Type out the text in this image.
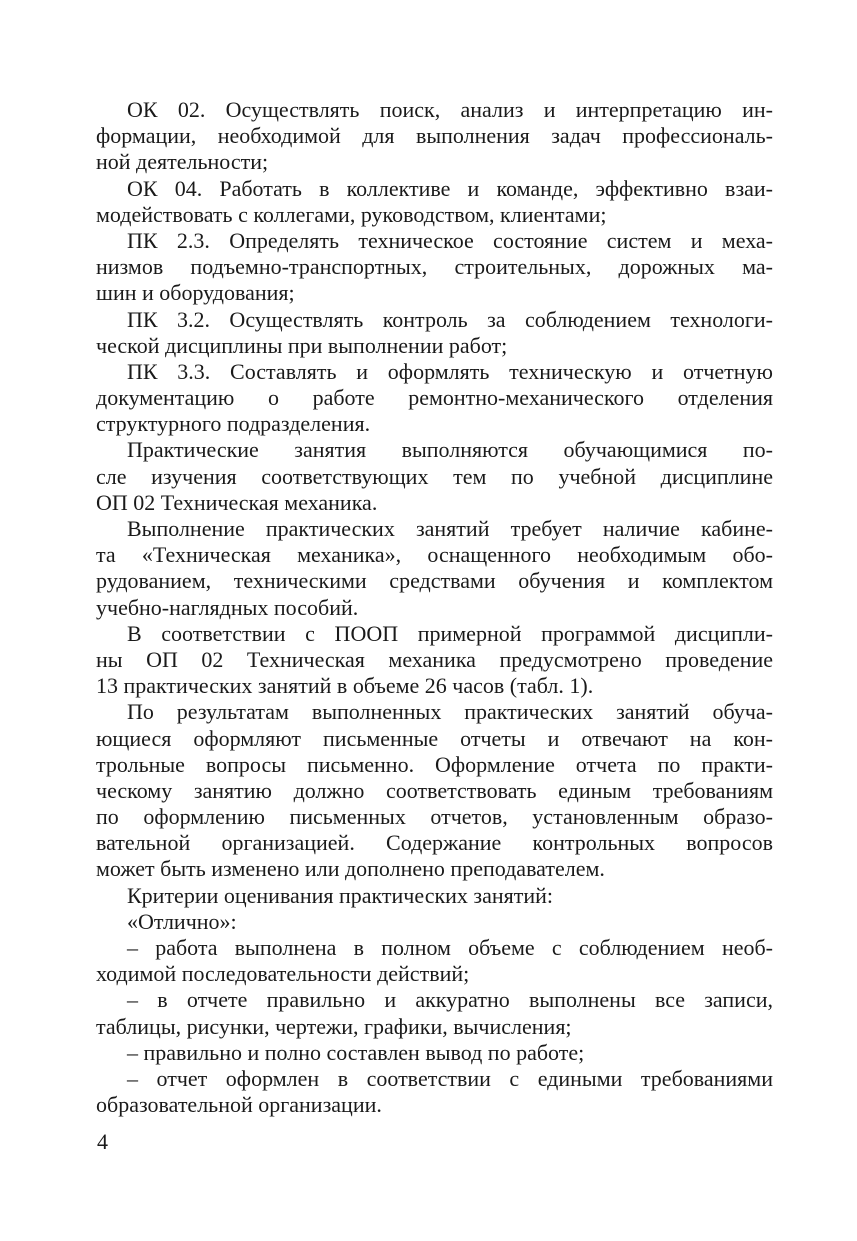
ОК 02. Осуществлять поиск, анализ и интерпретацию ин-
формации, необходимой для выполнения задач профессиональ-
ной деятельности;
ОК 04. Работать в коллективе и команде, эффективно взаи-
модействовать с коллегами, руководством, клиентами;
ПК 2.3. Определять техническое состояние систем и меха-
низмов подъемно-транспортных, строительных, дорожных ма-
шин и оборудования;
ПК 3.2. Осуществлять контроль за соблюдением технологи-
ческой дисциплины при выполнении работ;
ПК 3.3. Составлять и оформлять техническую и отчетную
документацию о работе ремонтно-механического отделения
структурного подразделения.
Практические занятия выполняются обучающимися по-
сле изучения соответствующих тем по учебной дисциплине
ОП 02 Техническая механика.
Выполнение практических занятий требует наличие кабине-
та «Техническая механика», оснащенного необходимым обо-
рудованием, техническими средствами обучения и комплектом
учебно-наглядных пособий.
В соответствии с ПООП примерной программой дисципли-
ны ОП 02 Техническая механика предусмотрено проведение
13 практических занятий в объеме 26 часов (табл. 1).
По результатам выполненных практических занятий обуча-
ющиеся оформляют письменные отчеты и отвечают на кон-
трольные вопросы письменно. Оформление отчета по практи-
ческому занятию должно соответствовать единым требованиям
по оформлению письменных отчетов, установленным образо-
вательной организацией. Содержание контрольных вопросов
может быть изменено или дополнено преподавателем.
Критерии оценивания практических занятий:
«Отлично»:
– работа выполнена в полном объеме с соблюдением необ-
ходимой последовательности действий;
– в отчете правильно и аккуратно выполнены все записи,
таблицы, рисунки, чертежи, графики, вычисления;
– правильно и полно составлен вывод по работе;
– отчет оформлен в соответствии с едиными требованиями
образовательной организации.
4
